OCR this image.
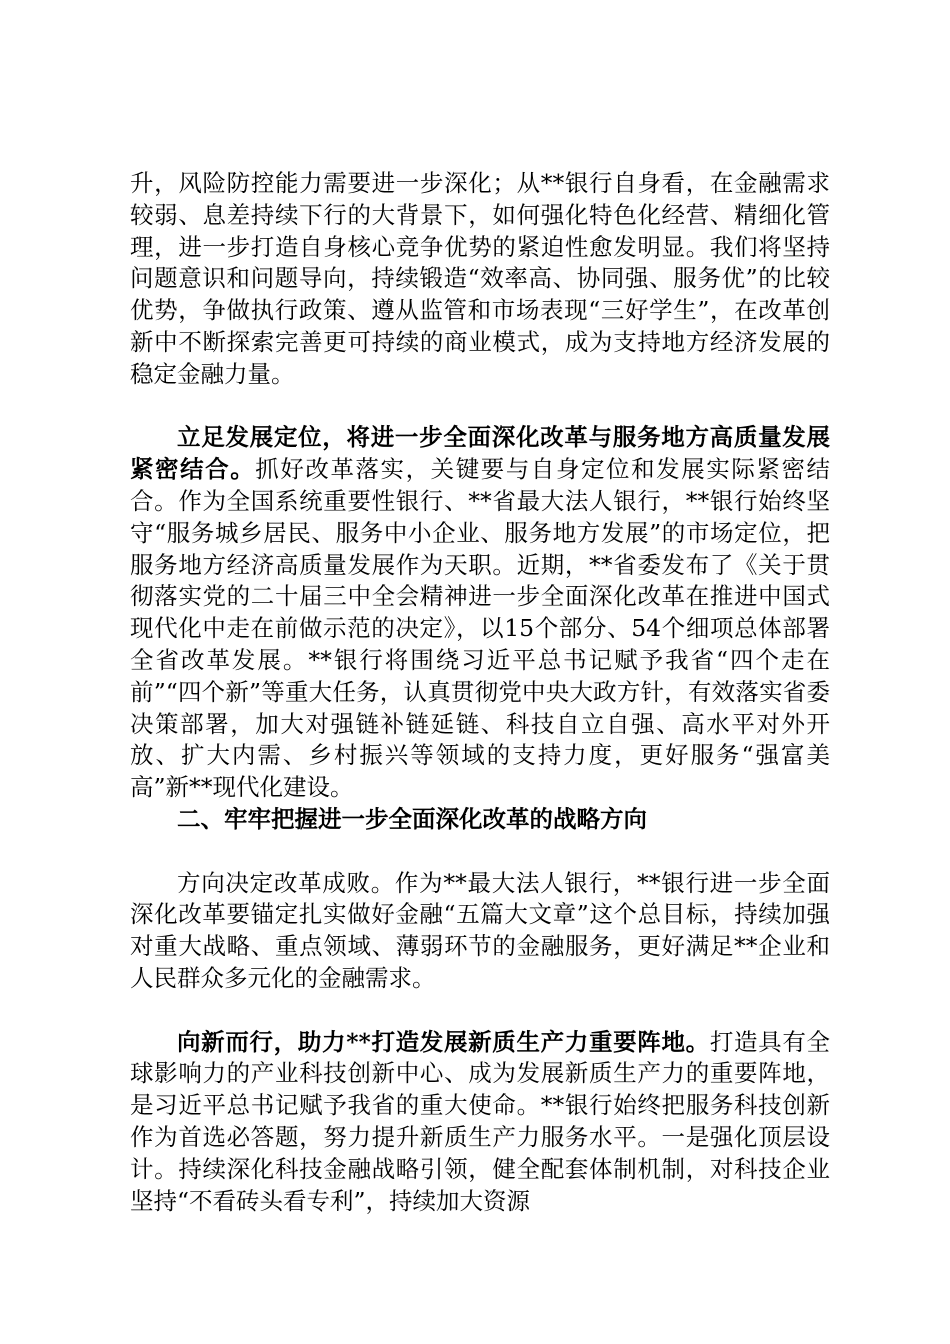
升，风险防控能力需要进一步深化；从**银行自身看，在金融需求较弱、息差持续下行的大背景下，如何强化特色化经营、精细化管理，进一步打造自身核心竞争优势的紧迫性愈发明显。我们将坚持问题意识和问题导向，持续锻造“效率高、协同强、服务优”的比较优势，争做执行政策、遵从监管和市场表现“三好学生”，在改革创新中不断探索完善更可持续的商业模式，成为支持地方经济发展的稳定金融力量。

立足发展定位，将进一步全面深化改革与服务地方高质量发展紧密结合。抓好改革落实，关键要与自身定位和发展实际紧密结合。作为全国系统重要性银行、**省最大法人银行，**银行始终坚守“服务城乡居民、服务中小企业、服务地方发展”的市场定位，把服务地方经济高质量发展作为天职。近期，**省委发布了《关于贯彻落实党的二十届三中全会精神进一步全面深化改革在推进中国式现代化中走在前做示范的决定》，以15个部分、54个细项总体部署全省改革发展。**银行将围绕习近平总书记赋予我省“四个走在前”“四个新”等重大任务，认真贯彻党中央大政方针，有效落实省委决策部署，加大对强链补链延链、科技自立自强、高水平对外开放、扩大内需、乡村振兴等领域的支持力度，更好服务“强富美高”新**现代化建设。

二、牢牢把握进一步全面深化改革的战略方向

方向决定改革成败。作为**最大法人银行，**银行进一步全面深化改革要锚定扎实做好金融“五篇大文章”这个总目标，持续加强对重大战略、重点领域、薄弱环节的金融服务，更好满足**企业和人民群众多元化的金融需求。

向新而行，助力**打造发展新质生产力重要阵地。打造具有全球影响力的产业科技创新中心、成为发展新质生产力的重要阵地，是习近平总书记赋予我省的重大使命。**银行始终把服务科技创新作为首选必答题，努力提升新质生产力服务水平。一是强化顶层设计。持续深化科技金融战略引领，健全配套体制机制，对科技企业坚持“不看砖头看专利”，持续加大资源
